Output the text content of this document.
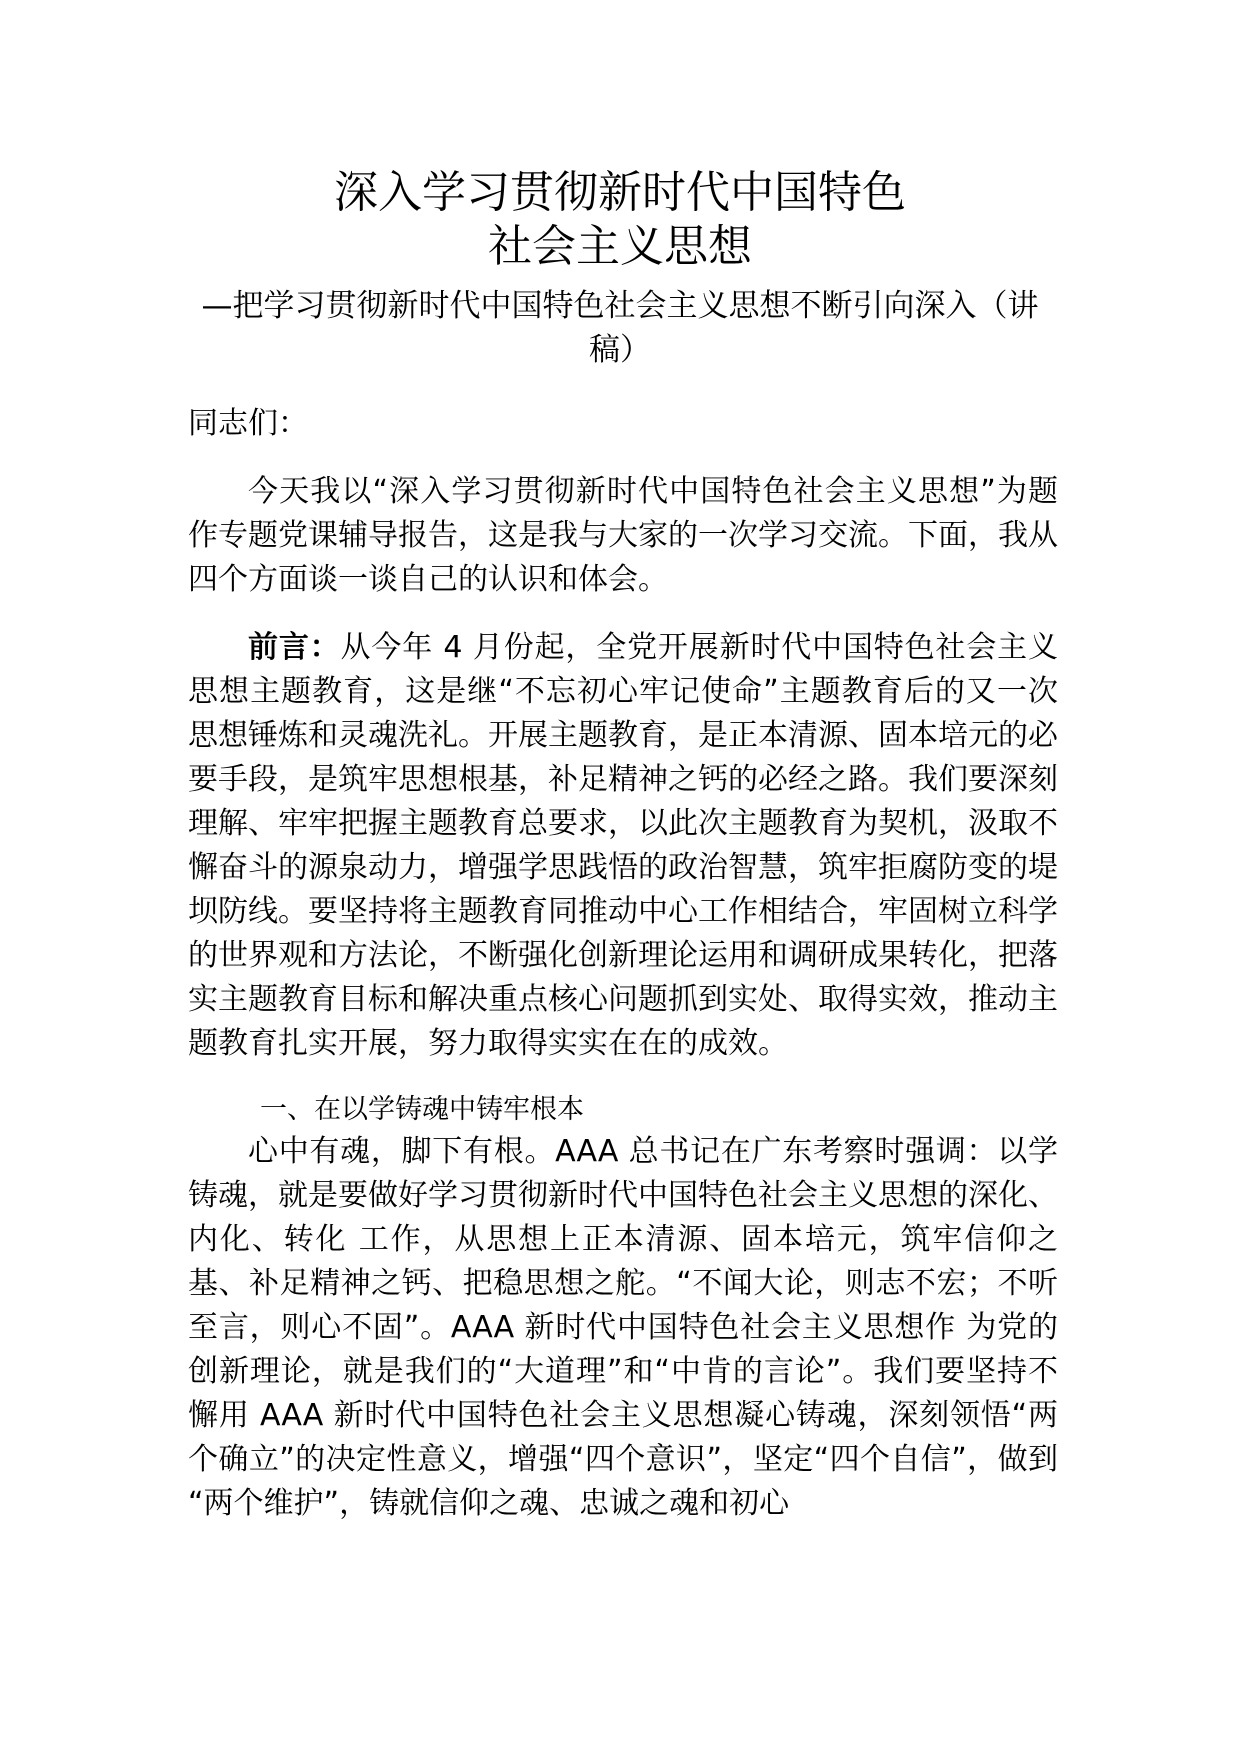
深入学习贯彻新时代中国特色
社会主义思想
—把学习贯彻新时代中国特色社会主义思想不断引向深入（讲稿）
同志们：

今天我以“深入学习贯彻新时代中国特色社会主义思想”为题作专题党课辅导报告，这是我与大家的一次学习交流。下面，我从四个方面谈一谈自己的认识和体会。

前言：从今年 4 月份起，全党开展新时代中国特色社会主义思想主题教育，这是继“不忘初心牢记使命”主题教育后的又一次思想锤炼和灵魂洗礼。开展主题教育，是正本清源、固本培元的必要手段，是筑牢思想根基，补足精神之钙的必经之路。我们要深刻理解、牢牢把握主题教育总要求，以此次主题教育为契机，汲取不懈奋斗的源泉动力，增强学思践悟的政治智慧，筑牢拒腐防变的堤坝防线。要坚持将主题教育同推动中心工作相结合，牢固树立科学的世界观和方法论，不断强化创新理论运用和调研成果转化，把落实主题教育目标和解决重点核心问题抓到实处、取得实效，推动主题教育扎实开展，努力取得实实在在的成效。

一、在以学铸魂中铸牢根本

心中有魂，脚下有根。AAA 总书记在广东考察时强调：以学铸魂，就是要做好学习贯彻新时代中国特色社会主义思想的深化、内化、转化 工作，从思想上正本清源、固本培元，筑牢信仰之基、补足精神之钙、把稳思想之舵。“不闻大论，则志不宏；不听至言，则心不固”。AAA 新时代中国特色社会主义思想作 为党的创新理论，就是我们的“大道理”和“中肯的言论”。我们要坚持不懈用 AAA 新时代中国特色社会主义思想凝心铸魂，深刻领悟“两个确立”的决定性意义，增强“四个意识”，坚定“四个自信”，做到 “两个维护”，铸就信仰之魂、忠诚之魂和初心
